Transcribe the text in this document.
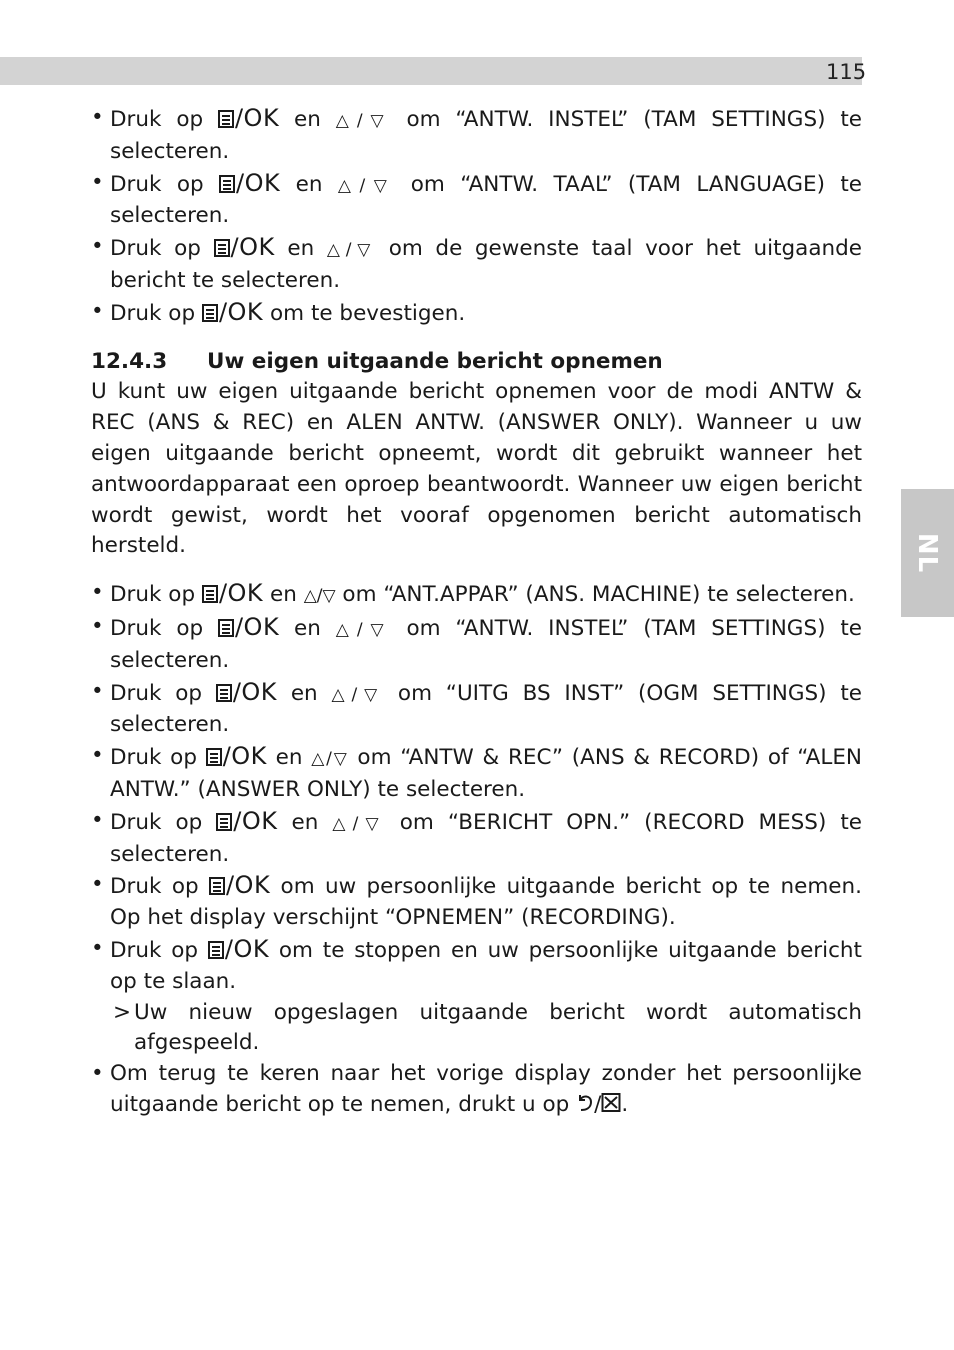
115
NL
• Druk op /OK en △/▽ om “ANTW. INSTEL” (TAM SETTINGS) te selecteren.
• Druk op /OK en △/▽ om “ANTW. TAAL” (TAM LANGUAGE) te selecteren.
• Druk op /OK en △/▽ om de gewenste taal voor het uitgaande bericht te selecteren.
• Druk op /OK om te bevestigen.
12.4.3 Uw eigen uitgaande bericht opnemen
U kunt uw eigen uitgaande bericht opnemen voor de modi ANTW & REC (ANS & REC) en ALEN ANTW. (ANSWER ONLY). Wanneer u uw eigen uitgaande bericht opneemt, wordt dit gebruikt wanneer het antwoordapparaat een oproep beantwoordt. Wanneer uw eigen bericht wordt gewist, wordt het vooraf opgenomen bericht automatisch hersteld.
• Druk op /OK en △/▽ om “ANT.APPAR” (ANS. MACHINE) te selecteren.
• Druk op /OK en △/▽ om “ANTW. INSTEL” (TAM SETTINGS) te selecteren.
• Druk op /OK en △/▽ om “UITG BS INST” (OGM SETTINGS) te selecteren.
• Druk op /OK en △/▽ om “ANTW & REC” (ANS & RECORD) of “ALEN ANTW.” (ANSWER ONLY) te selecteren.
• Druk op /OK en △/▽ om “BERICHT OPN.” (RECORD MESS) te selecteren.
• Druk op /OK om uw persoonlijke uitgaande bericht op te nemen. Op het display verschijnt “OPNEMEN” (RECORDING).
• Druk op /OK om te stoppen en uw persoonlijke uitgaande bericht op te slaan.
> Uw nieuw opgeslagen uitgaande bericht wordt automatisch afgespeeld.
• Om terug te keren naar het vorige display zonder het persoonlijke uitgaande bericht op te nemen, drukt u op / .
